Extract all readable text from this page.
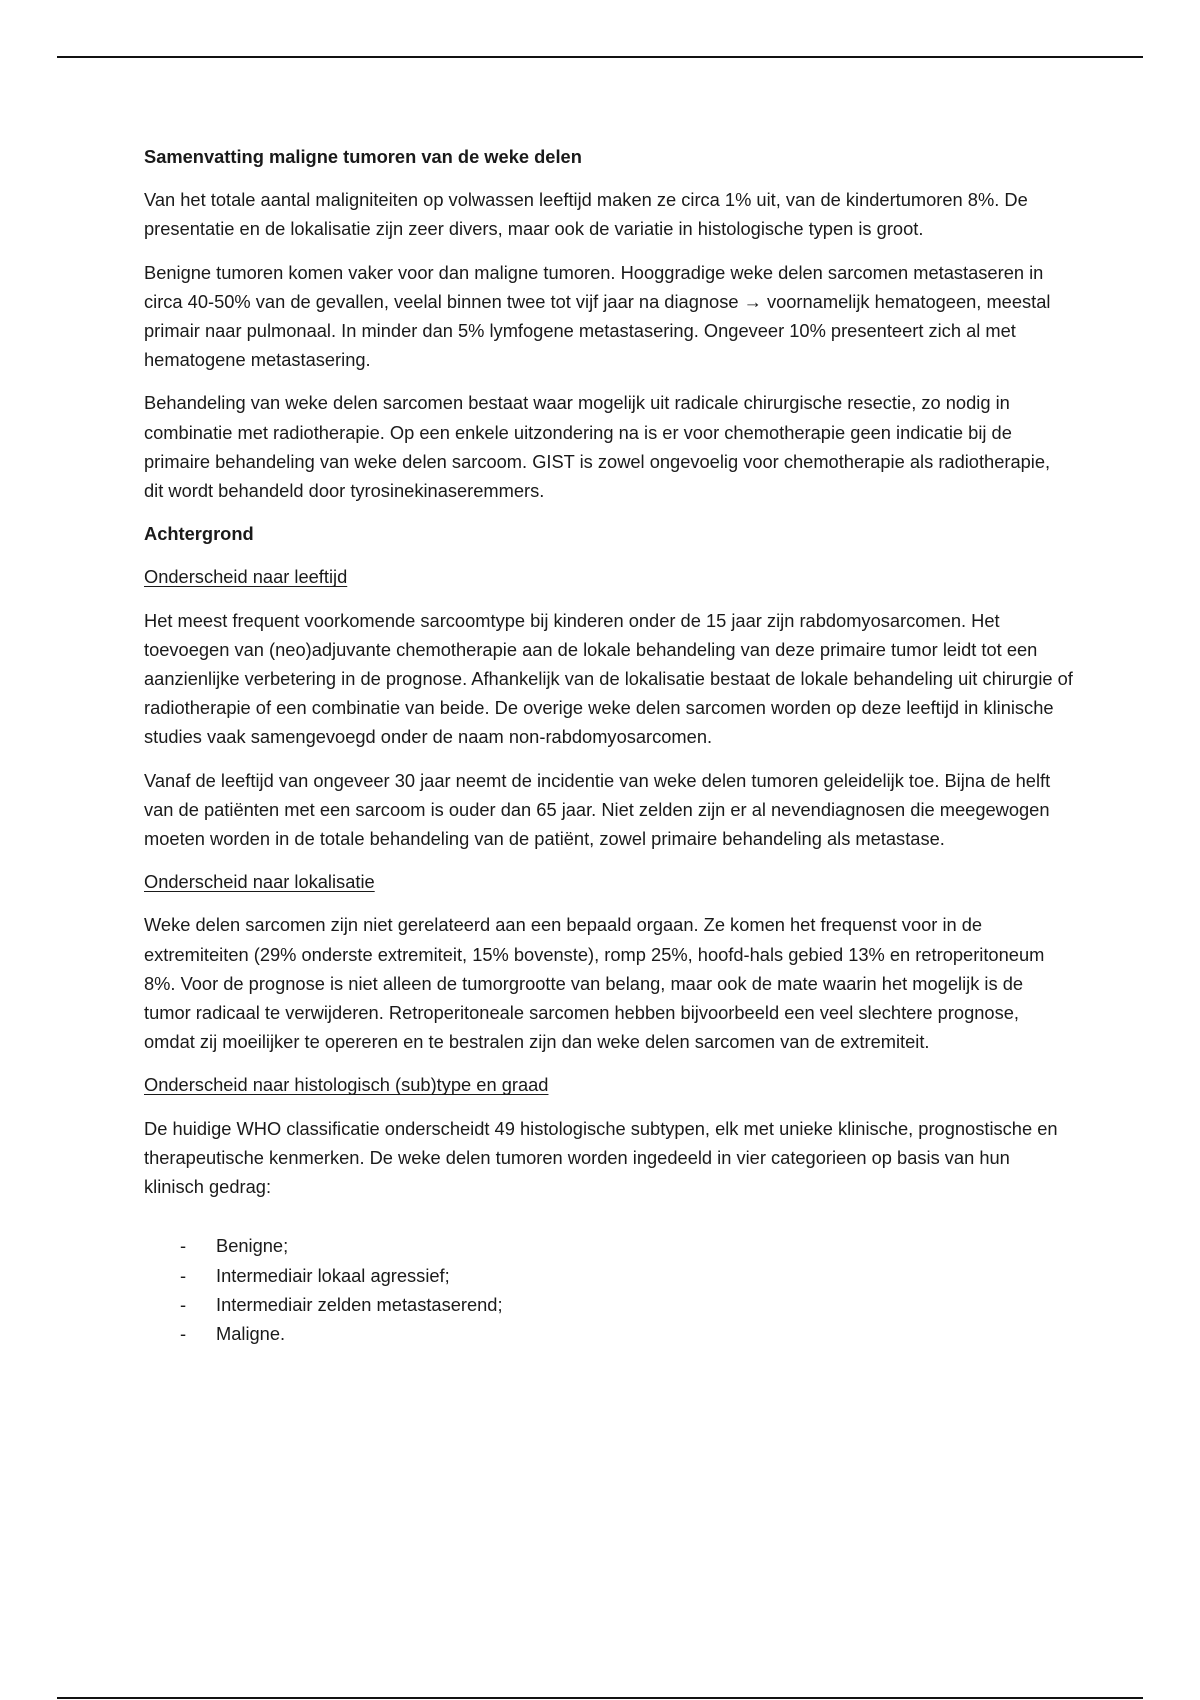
Samenvatting maligne tumoren van de weke delen

Van het totale aantal maligniteiten op volwassen leeftijd maken ze circa 1% uit, van de kindertumoren 8%. De presentatie en de lokalisatie zijn zeer divers, maar ook de variatie in histologische typen is groot.

Benigne tumoren komen vaker voor dan maligne tumoren. Hooggradige weke delen sarcomen metastaseren in circa 40-50% van de gevallen, veelal binnen twee tot vijf jaar na diagnose → voornamelijk hematogeen, meestal primair naar pulmonaal. In minder dan 5% lymfogene metastasering. Ongeveer 10% presenteert zich al met hematogene metastasering.

Behandeling van weke delen sarcomen bestaat waar mogelijk uit radicale chirurgische resectie, zo nodig in combinatie met radiotherapie. Op een enkele uitzondering na is er voor chemotherapie geen indicatie bij de primaire behandeling van weke delen sarcoom. GIST is zowel ongevoelig voor chemotherapie als radiotherapie, dit wordt behandeld door tyrosinekinaseremmers.

Achtergrond

Onderscheid naar leeftijd

Het meest frequent voorkomende sarcoomtype bij kinderen onder de 15 jaar zijn rabdomyosarcomen. Het toevoegen van (neo)adjuvante chemotherapie aan de lokale behandeling van deze primaire tumor leidt tot een aanzienlijke verbetering in de prognose. Afhankelijk van de lokalisatie bestaat de lokale behandeling uit chirurgie of radiotherapie of een combinatie van beide. De overige weke delen sarcomen worden op deze leeftijd in klinische studies vaak samengevoegd onder de naam non-rabdomyosarcomen.

Vanaf de leeftijd van ongeveer 30 jaar neemt de incidentie van weke delen tumoren geleidelijk toe. Bijna de helft van de patiënten met een sarcoom is ouder dan 65 jaar. Niet zelden zijn er al nevendiagnosen die meegewogen moeten worden in de totale behandeling van de patiënt, zowel primaire behandeling als metastase.

Onderscheid naar lokalisatie

Weke delen sarcomen zijn niet gerelateerd aan een bepaald orgaan. Ze komen het frequenst voor in de extremiteiten (29% onderste extremiteit, 15% bovenste), romp 25%, hoofd-hals gebied 13% en retroperitoneum 8%. Voor de prognose is niet alleen de tumorgrootte van belang, maar ook de mate waarin het mogelijk is de tumor radicaal te verwijderen. Retroperitoneale sarcomen hebben bijvoorbeeld een veel slechtere prognose, omdat zij moeilijker te opereren en te bestralen zijn dan weke delen sarcomen van de extremiteit.

Onderscheid naar histologisch (sub)type en graad

De huidige WHO classificatie onderscheidt 49 histologische subtypen, elk met unieke klinische, prognostische en therapeutische kenmerken. De weke delen tumoren worden ingedeeld in vier categorieen op basis van hun klinisch gedrag:

- Benigne;
- Intermediair lokaal agressief;
- Intermediair zelden metastaserend;
- Maligne.
